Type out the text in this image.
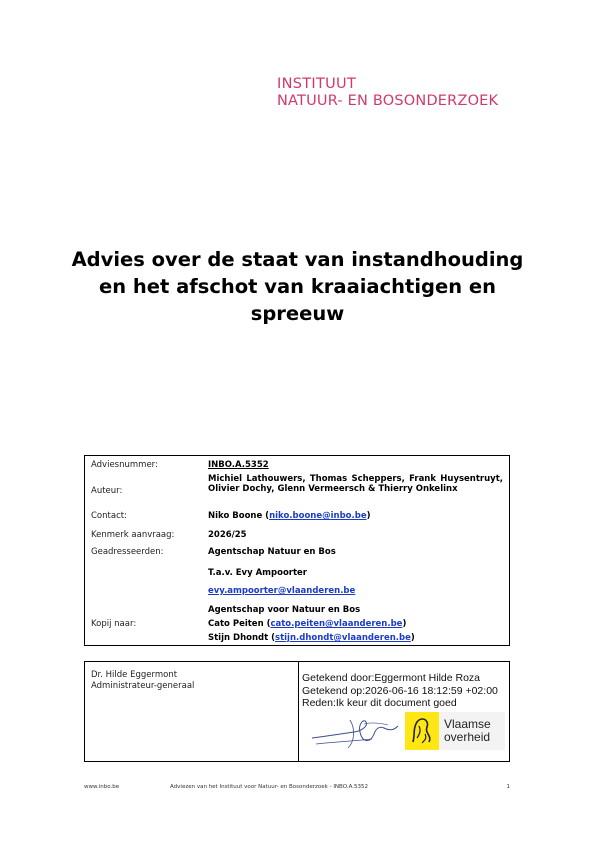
INSTITUUT
NATUUR- EN BOSONDERZOEK
Advies over de staat van instandhouding en het afschot van kraaiachtigen en spreeuw
Adviesnummer:	INBO.A.5352
Auteur:
Michiel Lathouwers, Thomas Scheppers, Frank Huysentruyt, Olivier Dochy, Glenn Vermeersch & Thierry Onkelinx
Contact:	Niko Boone (niko.boone@inbo.be)
Kenmerk aanvraag:	2026/25
Geadresseerden:	Agentschap Natuur en Bos
T.a.v. Evy Ampoorter
evy.ampoorter@vlaanderen.be
Agentschap voor Natuur en Bos
Kopij naar:	Cato Peiten (cato.peiten@vlaanderen.be)
Stijn Dhondt (stijn.dhondt@vlaanderen.be)
Dr. Hilde Eggermont
Administrateur-generaal
Getekend door:Eggermont Hilde Roza
Getekend op:2026-06-16 18:12:59 +02:00
Reden:Ik keur dit document goed
Vlaamse
overheid
www.inbo.be	Adviezen van het Instituut voor Natuur- en Bosonderzoek - INBO.A.5352	1
